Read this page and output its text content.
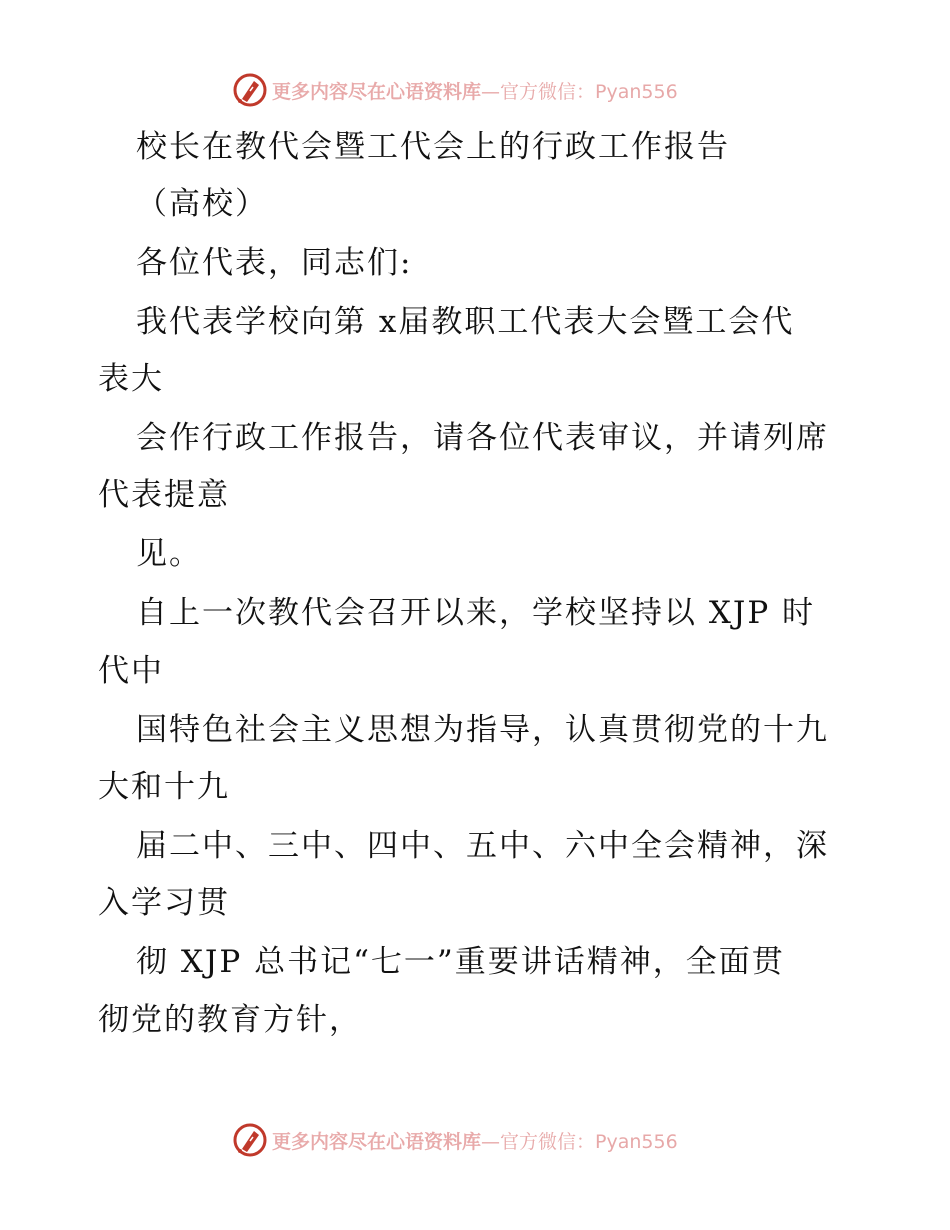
更多内容尽在心语资料库 —官方微信：Pyan556
校长在教代会暨工代会上的行政工作报告
（高校）
各位代表，同志们:
我代表学校向第 x届教职工代表大会暨工会代
表大
会作行政工作报告，请各位代表审议，并请列席
代表提意
见。
自上一次教代会召开以来，学校坚持以 XJP 时
代中
国特色社会主义思想为指导，认真贯彻党的十九
大和十九
届二中、三中、四中、五中、六中全会精神，深
入学习贯
彻 XJP 总书记“七一”重要讲话精神，全面贯
彻党的教育方针，
更多内容尽在心语资料库 —官方微信：Pyan556
